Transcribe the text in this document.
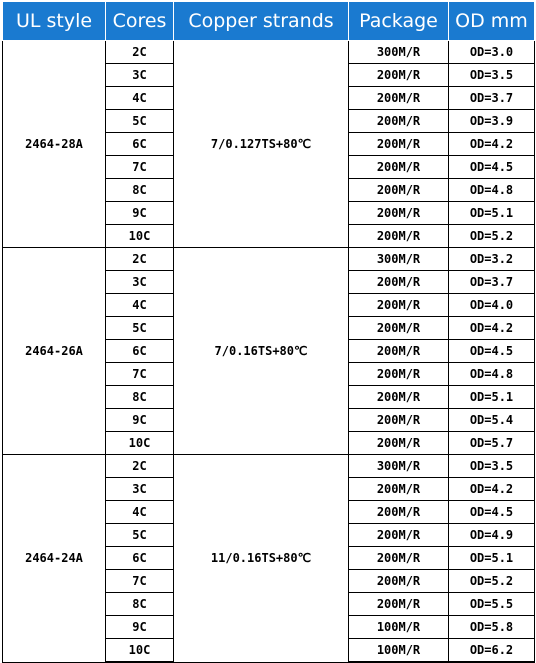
UL style	Cores	Copper strands	Package	OD mm
2464-28A	2C	7/0.127TS+80℃	300M/R	OD=3.0
	3C		200M/R	OD=3.5
	4C		200M/R	OD=3.7
	5C		200M/R	OD=3.9
	6C		200M/R	OD=4.2
	7C		200M/R	OD=4.5
	8C		200M/R	OD=4.8
	9C		200M/R	OD=5.1
	10C		200M/R	OD=5.2
2464-26A	2C	7/0.16TS+80℃	300M/R	OD=3.2
	3C		200M/R	OD=3.7
	4C		200M/R	OD=4.0
	5C		200M/R	OD=4.2
	6C		200M/R	OD=4.5
	7C		200M/R	OD=4.8
	8C		200M/R	OD=5.1
	9C		200M/R	OD=5.4
	10C		200M/R	OD=5.7
2464-24A	2C	11/0.16TS+80℃	300M/R	OD=3.5
	3C		200M/R	OD=4.2
	4C		200M/R	OD=4.5
	5C		200M/R	OD=4.9
	6C		200M/R	OD=5.1
	7C		200M/R	OD=5.2
	8C		200M/R	OD=5.5
	9C		100M/R	OD=5.8
	10C		100M/R	OD=6.2
